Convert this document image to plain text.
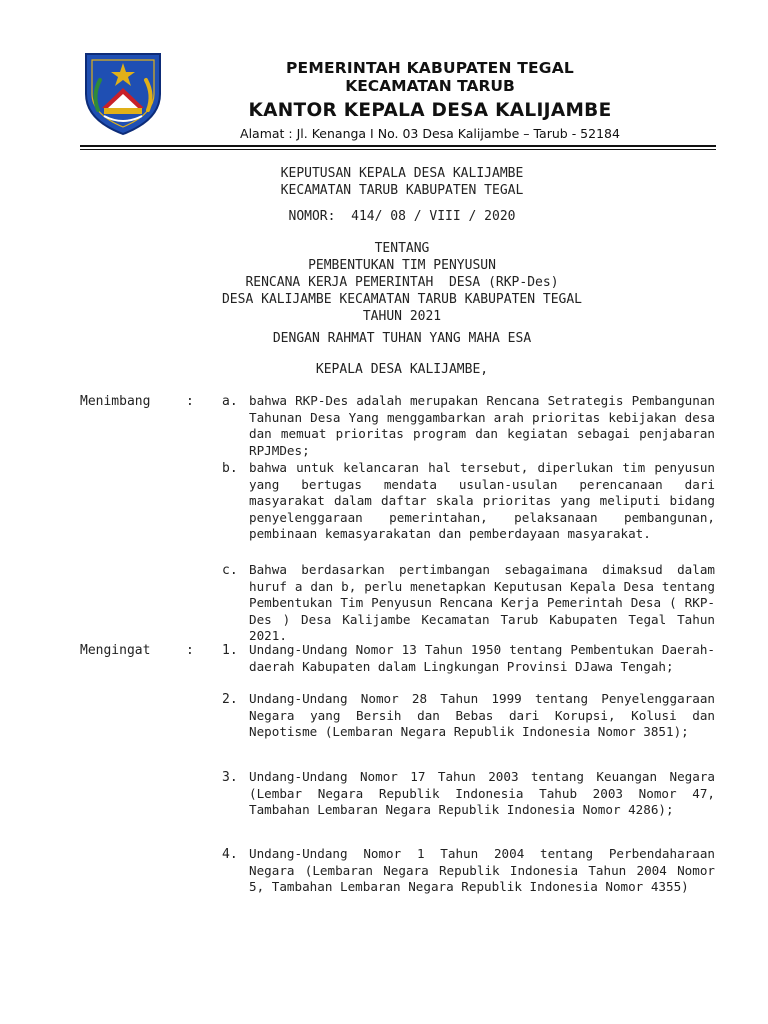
PEMERINTAH KABUPATEN TEGAL
KECAMATAN TARUB
KANTOR KEPALA DESA KALIJAMBE
Alamat : Jl. Kenanga I No. 03 Desa Kalijambe – Tarub - 52184
KEPUTUSAN KEPALA DESA KALIJAMBE
KECAMATAN TARUB KABUPATEN TEGAL
NOMOR:  414/ 08 / VIII / 2020
TENTANG
PEMBENTUKAN TIM PENYUSUN
RENCANA KERJA PEMERINTAH  DESA (RKP-Des)
DESA KALIJAMBE KECAMATAN TARUB KABUPATEN TEGAL
TAHUN 2021
DENGAN RAHMAT TUHAN YANG MAHA ESA
KEPALA DESA KALIJAMBE,
Menimbang	: a. bahwa RKP-Des adalah merupakan Rencana Setrategis Pembangunan Tahunan Desa Yang menggambarkan arah prioritas kebijakan desa dan memuat prioritas program dan kegiatan sebagai penjabaran RPJMDes;
b. bahwa untuk kelancaran hal tersebut, diperlukan tim penyusun yang bertugas mendata usulan-usulan perencanaan dari masyarakat dalam daftar skala prioritas yang meliputi bidang penyelenggaraan pemerintahan, pelaksanaan pembangunan, pembinaan kemasyarakatan dan pemberdayaan masyarakat.
c. Bahwa berdasarkan pertimbangan sebagaimana dimaksud dalam huruf a dan b, perlu menetapkan Keputusan Kepala Desa tentang Pembentukan Tim Penyusun Rencana Kerja Pemerintah Desa ( RKP-Des ) Desa Kalijambe Kecamatan Tarub Kabupaten Tegal Tahun 2021.
Mengingat	: 1. Undang-Undang Nomor 13 Tahun 1950 tentang Pembentukan Daerah-daerah Kabupaten dalam Lingkungan Provinsi DJawa Tengah;
2. Undang-Undang Nomor 28 Tahun 1999 tentang Penyelenggaraan Negara yang Bersih dan Bebas dari Korupsi, Kolusi dan Nepotisme (Lembaran Negara Republik Indonesia Nomor 3851);
3. Undang-Undang Nomor 17 Tahun 2003 tentang Keuangan Negara (Lembar Negara Republik Indonesia Tahub 2003 Nomor 47, Tambahan Lembaran Negara Republik Indonesia Nomor 4286);
4. Undang-Undang Nomor 1 Tahun 2004 tentang Perbendaharaan Negara (Lembaran Negara Republik Indonesia Tahun 2004 Nomor 5, Tambahan Lembaran Negara Republik Indonesia Nomor 4355)
